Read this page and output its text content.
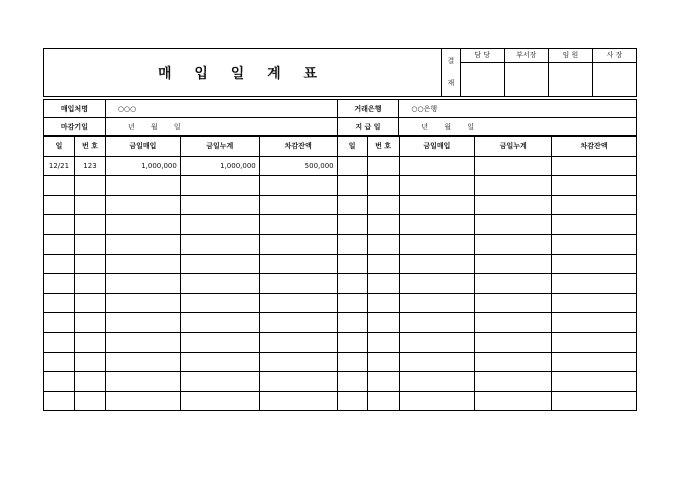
매 입 일 계 표
결
재	담 당	부서장	임 원	사 장

매입처명	○○○	거래은행	○○은행
마감기일	년 월 일	지 급 일	년 월 일
일	번 호	금일매입	금일누계	차감잔액	일	번 호	금일매입	금일누계	차감잔액
12/21	123	1,000,000	1,000,000	500,000					
